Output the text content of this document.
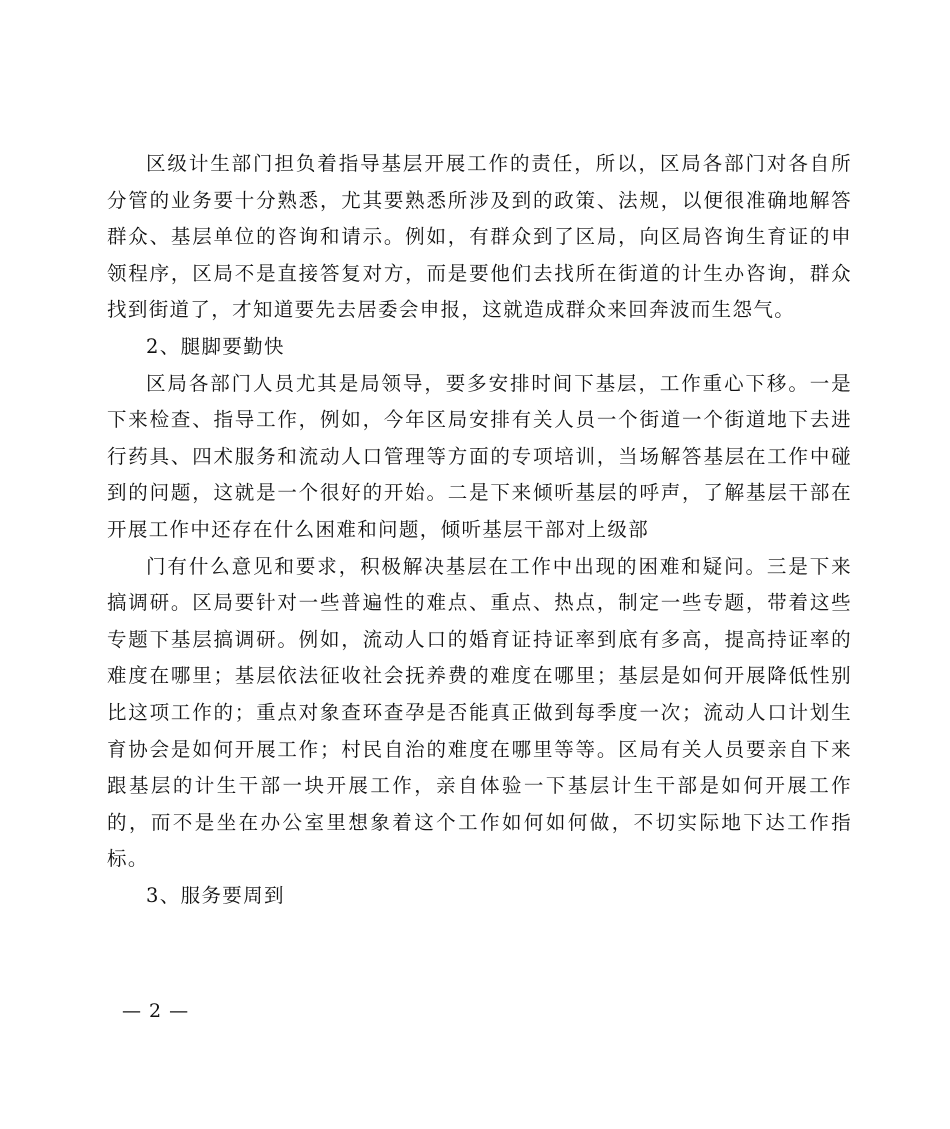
区级计生部门担负着指导基层开展工作的责任，所以，区局各部门对各自所分管的业务要十分熟悉，尤其要熟悉所涉及到的政策、法规，以便很准确地解答群众、基层单位的咨询和请示。例如，有群众到了区局，向区局咨询生育证的申领程序，区局不是直接答复对方，而是要他们去找所在街道的计生办咨询，群众找到街道了，才知道要先去居委会申报，这就造成群众来回奔波而生怨气。

2、腿脚要勤快

区局各部门人员尤其是局领导，要多安排时间下基层，工作重心下移。一是下来检查、指导工作，例如，今年区局安排有关人员一个街道一个街道地下去进行药具、四术服务和流动人口管理等方面的专项培训，当场解答基层在工作中碰到的问题，这就是一个很好的开始。二是下来倾听基层的呼声，了解基层干部在开展工作中还存在什么困难和问题，倾听基层干部对上级部

门有什么意见和要求，积极解决基层在工作中出现的困难和疑问。三是下来搞调研。区局要针对一些普遍性的难点、重点、热点，制定一些专题，带着这些专题下基层搞调研。例如，流动人口的婚育证持证率到底有多高，提高持证率的难度在哪里；基层依法征收社会抚养费的难度在哪里；基层是如何开展降低性别比这项工作的；重点对象查环查孕是否能真正做到每季度一次；流动人口计划生育协会是如何开展工作；村民自治的难度在哪里等等。区局有关人员要亲自下来跟基层的计生干部一块开展工作，亲自体验一下基层计生干部是如何开展工作的，而不是坐在办公室里想象着这个工作如何如何做，不切实际地下达工作指标。

3、服务要周到

— 2 —
